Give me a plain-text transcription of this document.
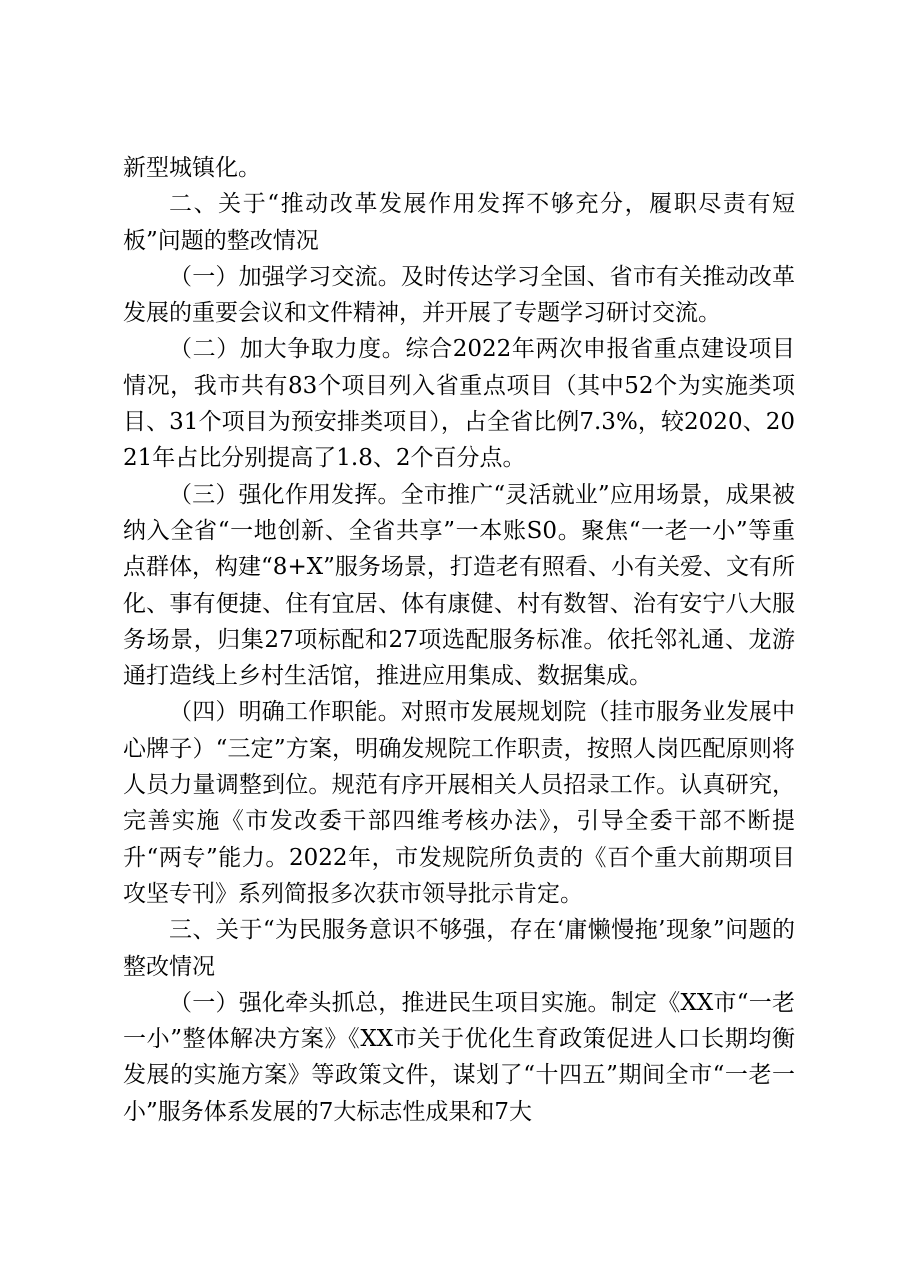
新型城镇化。

二、关于“推动改革发展作用发挥不够充分，履职尽责有短板”问题的整改情况

（一）加强学习交流。及时传达学习全国、省市有关推动改革发展的重要会议和文件精神，并开展了专题学习研讨交流。

（二）加大争取力度。综合2022年两次申报省重点建设项目情况，我市共有83个项目列入省重点项目（其中52个为实施类项目、31个项目为预安排类项目），占全省比例7.3%，较2020、2021年占比分别提高了1.8、2个百分点。

（三）强化作用发挥。全市推广“灵活就业”应用场景，成果被纳入全省“一地创新、全省共享”一本账S0。聚焦“一老一小”等重点群体，构建“8+X”服务场景，打造老有照看、小有关爱、文有所化、事有便捷、住有宜居、体有康健、村有数智、治有安宁八大服务场景，归集27项标配和27项选配服务标准。依托邻礼通、龙游通打造线上乡村生活馆，推进应用集成、数据集成。

（四）明确工作职能。对照市发展规划院（挂市服务业发展中心牌子）“三定”方案，明确发规院工作职责，按照人岗匹配原则将人员力量调整到位。规范有序开展相关人员招录工作。认真研究，完善实施《市发改委干部四维考核办法》，引导全委干部不断提升“两专”能力。2022年，市发规院所负责的《百个重大前期项目攻坚专刊》系列简报多次获市领导批示肯定。

三、关于“为民服务意识不够强，存在‘庸懒慢拖’现象”问题的整改情况

（一）强化牵头抓总，推进民生项目实施。制定《XX市“一老一小”整体解决方案》《XX市关于优化生育政策促进人口长期均衡发展的实施方案》等政策文件，谋划了“十四五”期间全市“一老一小”服务体系发展的7大标志性成果和7大
